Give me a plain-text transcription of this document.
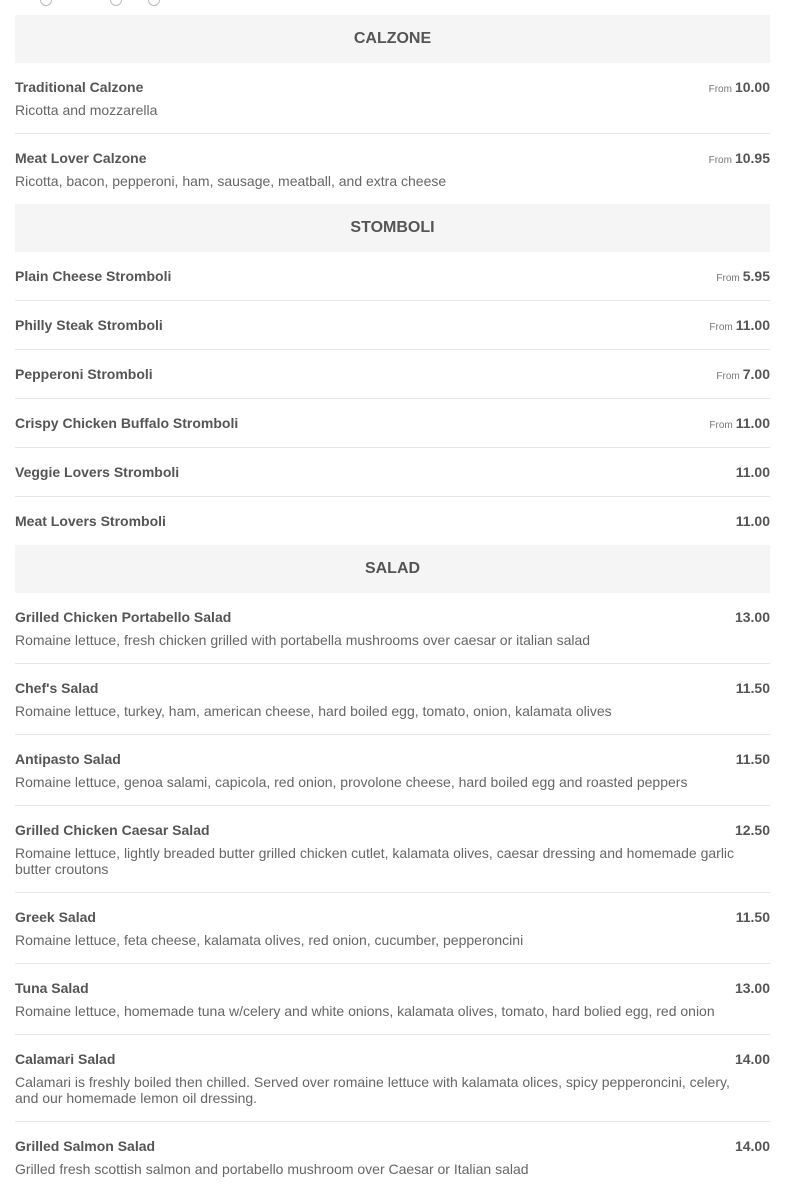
CALZONE
Traditional Calzone	From 10.00
Ricotta and mozzarella
Meat Lover Calzone	From 10.95
Ricotta, bacon, pepperoni, ham, sausage, meatball, and extra cheese
STOMBOLI
Plain Cheese Stromboli	From 5.95
Philly Steak Stromboli	From 11.00
Pepperoni Stromboli	From 7.00
Crispy Chicken Buffalo Stromboli	From 11.00
Veggie Lovers Stromboli	11.00
Meat Lovers Stromboli	11.00
SALAD
Grilled Chicken Portabello Salad	13.00
Romaine lettuce, fresh chicken grilled with portabella mushrooms over caesar or italian salad
Chef's Salad	11.50
Romaine lettuce, turkey, ham, american cheese, hard boiled egg, tomato, onion, kalamata olives
Antipasto Salad	11.50
Romaine lettuce, genoa salami, capicola, red onion, provolone cheese, hard boiled egg and roasted peppers
Grilled Chicken Caesar Salad	12.50
Romaine lettuce, lightly breaded butter grilled chicken cutlet, kalamata olives, caesar dressing and homemade garlic butter croutons
Greek Salad	11.50
Romaine lettuce, feta cheese, kalamata olives, red onion, cucumber, pepperoncini
Tuna Salad	13.00
Romaine lettuce, homemade tuna w/celery and white onions, kalamata olives, tomato, hard bolied egg, red onion
Calamari Salad	14.00
Calamari is freshly boiled then chilled. Served over romaine lettuce with kalamata olices, spicy pepperoncini, celery, and our homemade lemon oil dressing.
Grilled Salmon Salad	14.00
Grilled fresh scottish salmon and portabello mushroom over Caesar or Italian salad
